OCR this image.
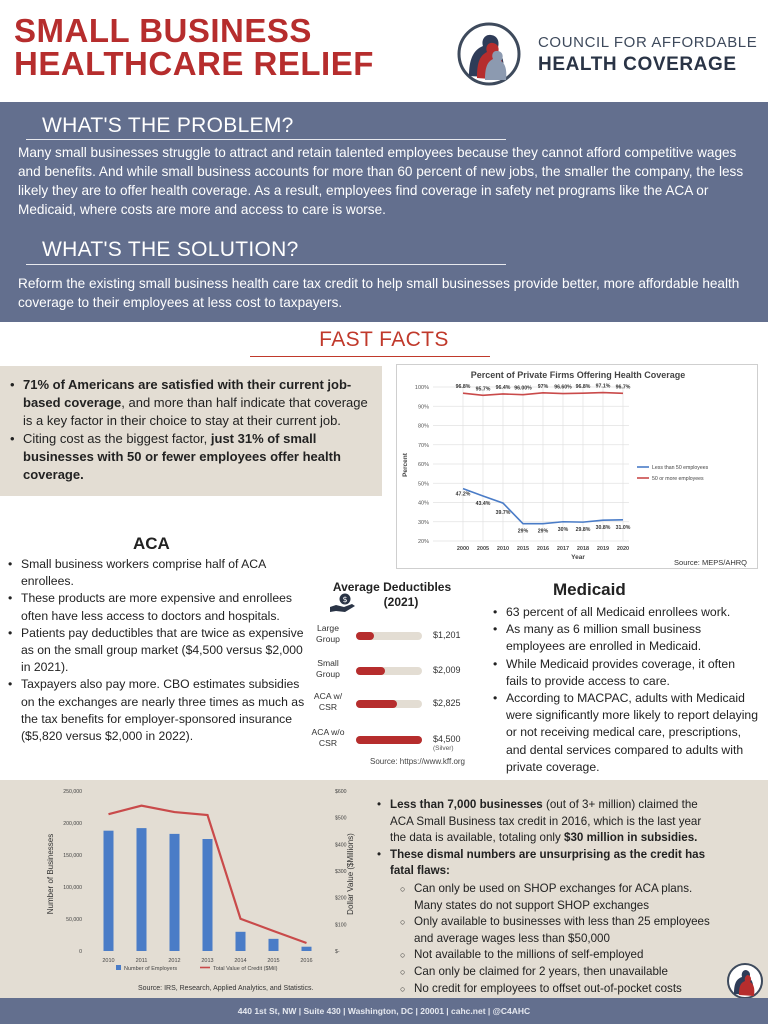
SMALL BUSINESS
HEALTHCARE RELIEF
COUNCIL FOR AFFORDABLE
HEALTH COVERAGE
WHAT'S THE PROBLEM?
Many small businesses struggle to attract and retain talented employees because they cannot afford competitive wages and benefits. And while small business accounts for more than 60 percent of new jobs, the smaller the company, the less likely they are to offer health coverage. As a result, employees find coverage in safety net programs like the ACA or Medicaid, where costs are more and access to care is worse.
WHAT'S THE SOLUTION?
Reform the existing small business health care tax credit to help small businesses provide better, more affordable health coverage to their employees at less cost to taxpayers.
FAST FACTS
• 71% of Americans are satisfied with their current job-based coverage, and more than half indicate that coverage is a key factor in their choice to stay at their current job.
• Citing cost as the biggest factor, just 31% of small businesses with 50 or fewer employees offer health coverage.
Percent of Private Firms Offering Health Coverage
20%
30%
40%
50%
60%
70%
80%
90%
100%
2000 2005 2010 2015 2016 2017 2018 2019 2020
Year
Percent
47.2%
43.4%
39.7%
29% 29% 30% 29.8% 30.8% 31.0%
96.8% 95.7% 96.4% 96.00% 97% 96.60% 96.8% 97.1% 96.7%
Less than 50 employees
50 or more employees
Source: MEPS/AHRQ
ACA
• Small business workers comprise half of ACA enrollees.
• These products are more expensive and enrollees often have less access to doctors and hospitals.
• Patients pay deductibles that are twice as expensive as on the small group market ($4,500 versus $2,000 in 2021).
• Taxpayers also pay more. CBO estimates subsidies on the exchanges are nearly three times as much as the tax benefits for employer-sponsored insurance ($5,820 versus $2,000 in 2022).
Average Deductibles
(2021)
$
Large Group	$1,201
Small Group	$2,009
ACA w/ CSR	$2,825
ACA w/o CSR	$4,500
(Silver)
Source: https://www.kff.org
Medicaid
• 63 percent of all Medicaid enrollees work.
• As many as 6 million small business employees are enrolled in Medicaid.
• While Medicaid provides coverage, it often fails to provide access to care.
• According to MACPAC, adults with Medicaid were significantly more likely to report delaying or not receiving medical care, prescriptions, and dental services compared to adults with private coverage.
0
50,000
100,000
150,000
200,000
250,000
$-
$100
$200
$300
$400
$500
$600
Number of Businesses	Dollar Value ($Millions)
2010	2011	2012	2013	2014	2015	2016
Number of Employers	Total Value of Credit ($Mil)
Source: IRS, Research, Applied Analytics, and Statistics.
• Less than 7,000 businesses (out of 3+ million) claimed the ACA Small Business tax credit in 2016, which is the last year the data is available, totaling only $30 million in subsidies.
• These dismal numbers are unsurprising as the credit has fatal flaws:
○ Can only be used on SHOP exchanges for ACA plans. Many states do not support SHOP exchanges
○ Only available to businesses with less than 25 employees and average wages less than $50,000
○ Not available to the millions of self-employed
○ Can only be claimed for 2 years, then unavailable
○ No credit for employees to offset out-of-pocket costs
440 1st St, NW | Suite 430 | Washington, DC | 20001 | cahc.net | @C4AHC
